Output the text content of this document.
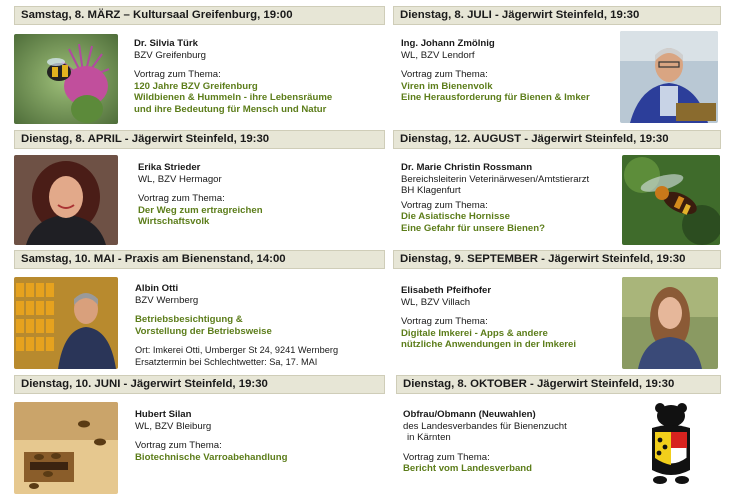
Samstag, 8. MÄRZ – Kultursaal Greifenburg, 19:00	Dienstag, 8. JULI - Jägerwirt Steinfeld, 19:30
Dr. Silvia Türk
BZV Greifenburg
Vortrag zum Thema:
120 Jahre BZV Greifenburg
Wildbienen & Hummeln - ihre Lebensräume
und ihre Bedeutung für Mensch und Natur
Ing. Johann Zmölnig
WL, BZV Lendorf
Vortrag zum Thema:
Viren im Bienenvolk
Eine Herausforderung für Bienen & Imker
Dienstag, 8. APRIL - Jägerwirt Steinfeld, 19:30	Dienstag, 12. AUGUST - Jägerwirt Steinfeld, 19:30
Erika Strieder
WL, BZV Hermagor
Vortrag zum Thema:
Der Weg zum ertragreichen
Wirtschaftsvolk
Dr. Marie Christin Rossmann
Bereichsleiterin Veterinärwesen/Amtstierarzt
BH Klagenfurt
Vortrag zum Thema:
Die Asiatische Hornisse
Eine Gefahr für unsere Bienen?
Samstag, 10. MAI - Praxis am Bienenstand, 14:00	Dienstag, 9. SEPTEMBER - Jägerwirt Steinfeld, 19:30
Albin Otti
BZV Wernberg
Betriebsbesichtigung &
Vorstellung der Betriebsweise
Ort: Imkerei Otti, Umberger St 24, 9241 Wernberg
Ersatztermin bei Schlechtwetter: Sa, 17. MAI
Elisabeth Pfeifhofer
WL, BZV Villach
Vortrag zum Thema:
Digitale Imkerei - Apps & andere
nützliche Anwendungen in der Imkerei
Dienstag, 10. JUNI - Jägerwirt Steinfeld, 19:30	Dienstag, 8. OKTOBER - Jägerwirt Steinfeld, 19:30
Hubert Silan
WL, BZV Bleiburg
Vortrag zum Thema:
Biotechnische Varroabehandlung
Obfrau/Obmann (Neuwahlen)
des Landesverbandes für Bienenzucht
in Kärnten
Vortrag zum Thema:
Bericht vom Landesverband
